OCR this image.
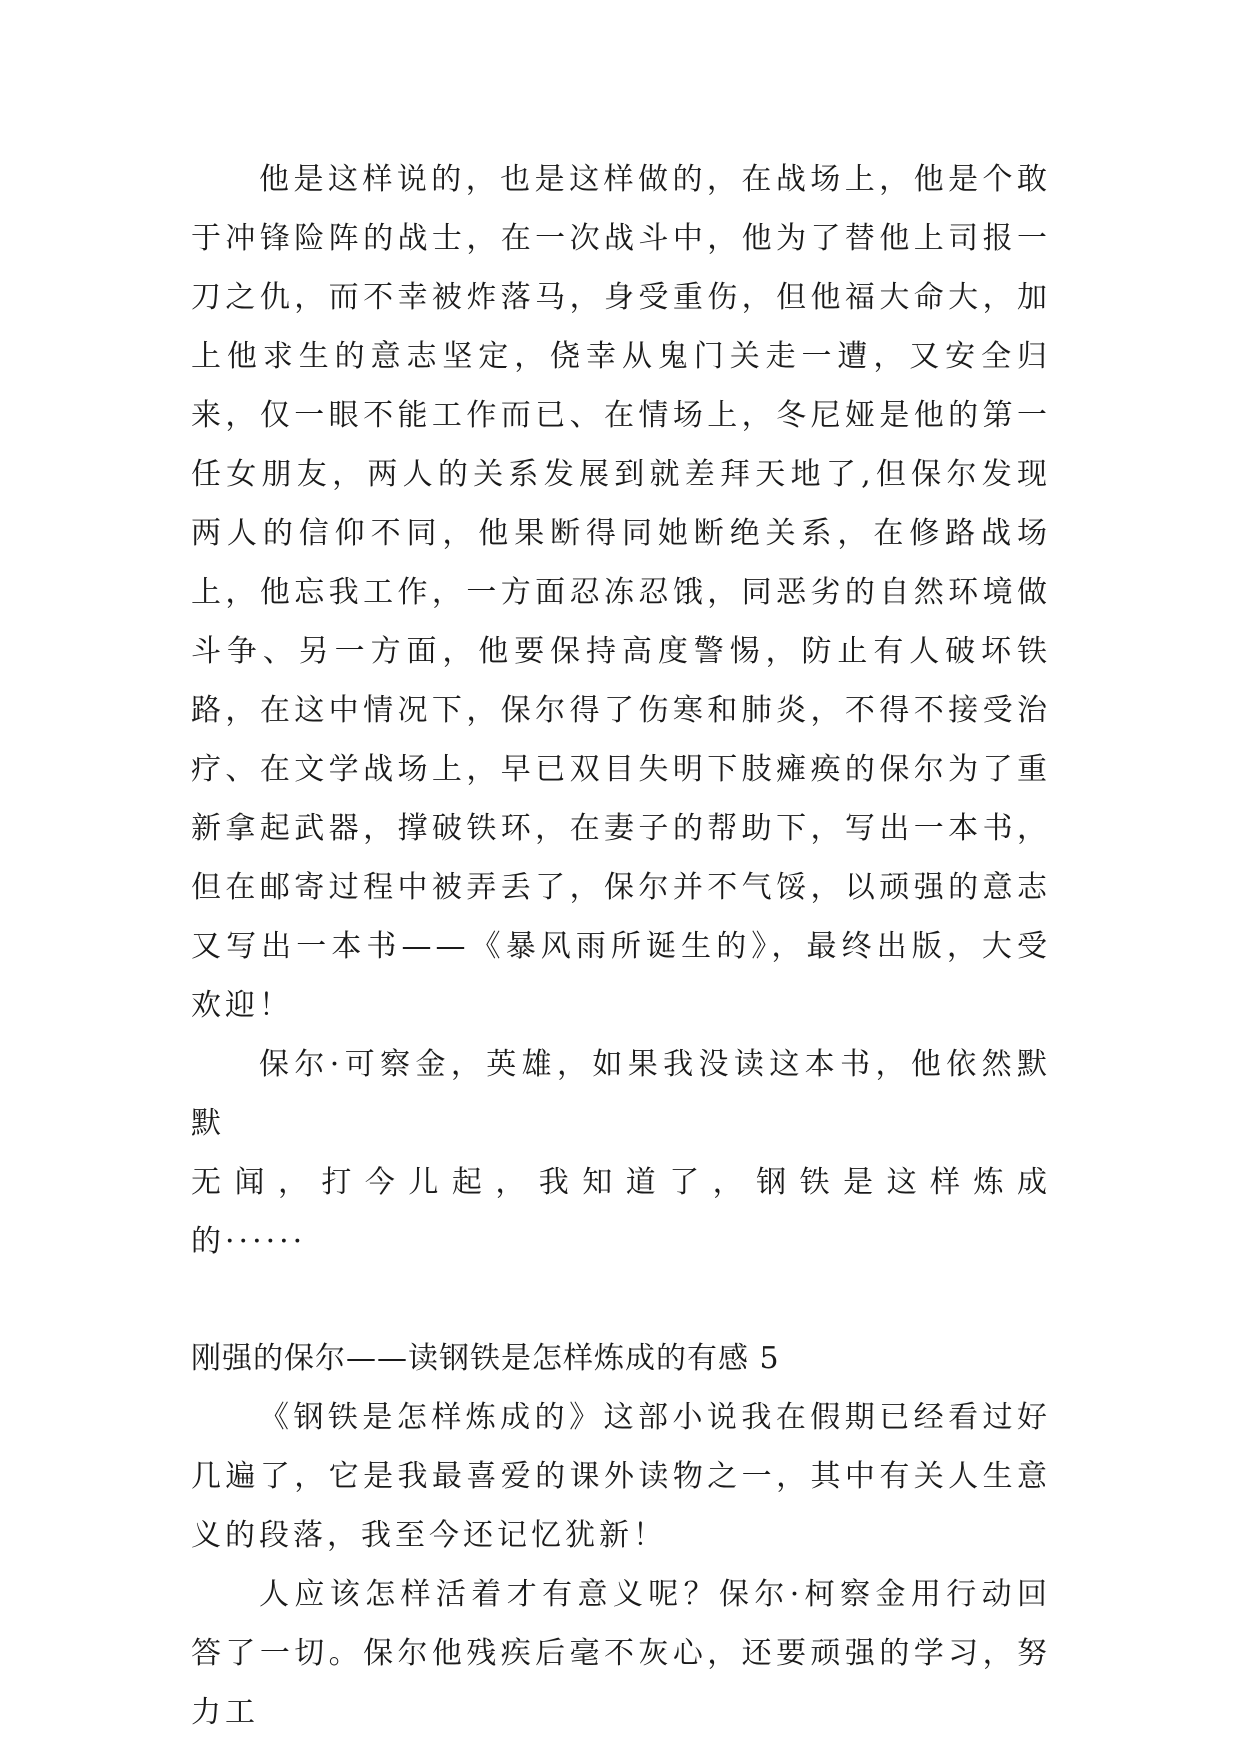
他是这样说的，也是这样做的，在战场上，他是个敢于冲锋险阵的战士，在一次战斗中，他为了替他上司报一刀之仇，而不幸被炸落马，身受重伤，但他福大命大，加上他求生的意志坚定，侥幸从鬼门关走一遭，又安全归来，仅一眼不能工作而已、在情场上，冬尼娅是他的第一任女朋友，两人的关系发展到就差拜天地了,但保尔发现两人的信仰不同，他果断得同她断绝关系，在修路战场上，他忘我工作，一方面忍冻忍饿，同恶劣的自然环境做斗争、另一方面，他要保持高度警惕，防止有人破坏铁路，在这中情况下，保尔得了伤寒和肺炎，不得不接受治疗、在文学战场上，早已双目失明下肢瘫痪的保尔为了重新拿起武器，撑破铁环，在妻子的帮助下，写出一本书，但在邮寄过程中被弄丢了，保尔并不气馁，以顽强的意志又写出一本书——《暴风雨所诞生的》，最终出版，大受欢迎！

保尔·可察金，英雄，如果我没读这本书，他依然默默

无闻，打今儿起，我知道了，钢铁是这样炼成

的······

刚强的保尔——读钢铁是怎样炼成的有感 5

《钢铁是怎样炼成的》这部小说我在假期已经看过好几遍了，它是我最喜爱的课外读物之一，其中有关人生意义的段落，我至今还记忆犹新！

人应该怎样活着才有意义呢？保尔·柯察金用行动回答了一切。保尔他残疾后毫不灰心，还要顽强的学习，努力工
